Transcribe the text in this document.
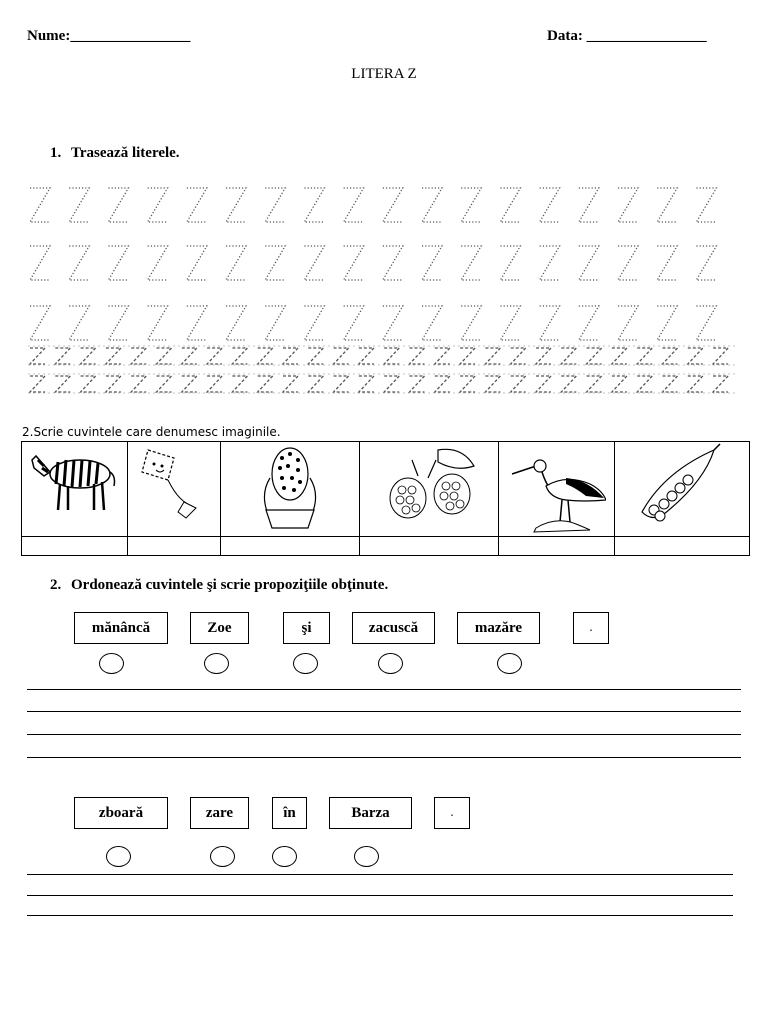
Nume:________________	Data: ________________
LITERA Z
1. Trasează literele.
2.Scrie cuvintele care denumesc imaginile.
2. Ordonează cuvintele şi scrie propoziţiile obţinute.
mănâncă	Zoe	şi	zacuscă	mazăre	.
zboară	zare	în	Barza	.
